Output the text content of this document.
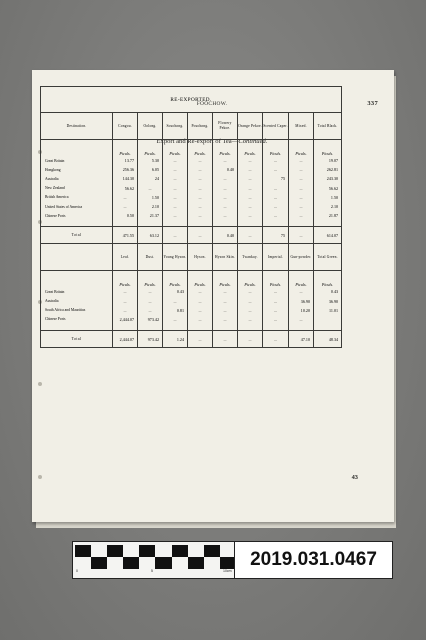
FOOCHOW.	337
Export and Re-export of Tea—Continued.
43
RE-EXPORTED.									
Destination.	Congou.	Oolong.	Souchong.	Pouchong.	Flowery Pekoe.	Orange Pekoe.	Scented Caper.	Mixed.	Total Black.
	Piculs.	Piculs.	Piculs.	Piculs.	Piculs.	Piculs.	Piculs.	Piculs.	Piculs.
Great Britain	13.77	5.30	...	...	...	...	...	...	19.07
Hongkong	256.36	6.05	...	...	0.40	...	...	...	262.81
Australia	144.30	24	...	...	...	...	75	...	243.30
New Zealand	56.62	...	...	...	...	...	...	...	56.62
British America	...	1.50	...	...	...	...	...	...	1.50
United States of America	...	2.10	...	...	...	...	...	...	2.10
Chinese Ports	0.50	21.37	...	...	...	...	...	...	21.87

Total	471.55	63.12	...	...	0.40	...	75	...	614.07
	Leaf.	Dust.	Young Hyson.	Hyson.	Hyson Skin.	Twankay.	Imperial.	Gun-powder.	Total Green.
	Piculs.	Piculs.	Piculs.	Piculs.	Piculs.	Piculs.	Piculs.	Piculs.	Piculs.
Great Britain	...	...	0.43	...	...	...	...	...	0.43
Australia	...	...	...	...	...	...	...	36.90	36.90
South Africa and Mauritius	...	...	0.81	...	...	...	...	10.20	11.01
Chinese Ports	2,444.07	973.42	...	...	...	...	...	...	

Total	2,444.07	973.42	1.24	...	...	...	...	47.10	48.34
0	5	10cm
2019.031.0467
